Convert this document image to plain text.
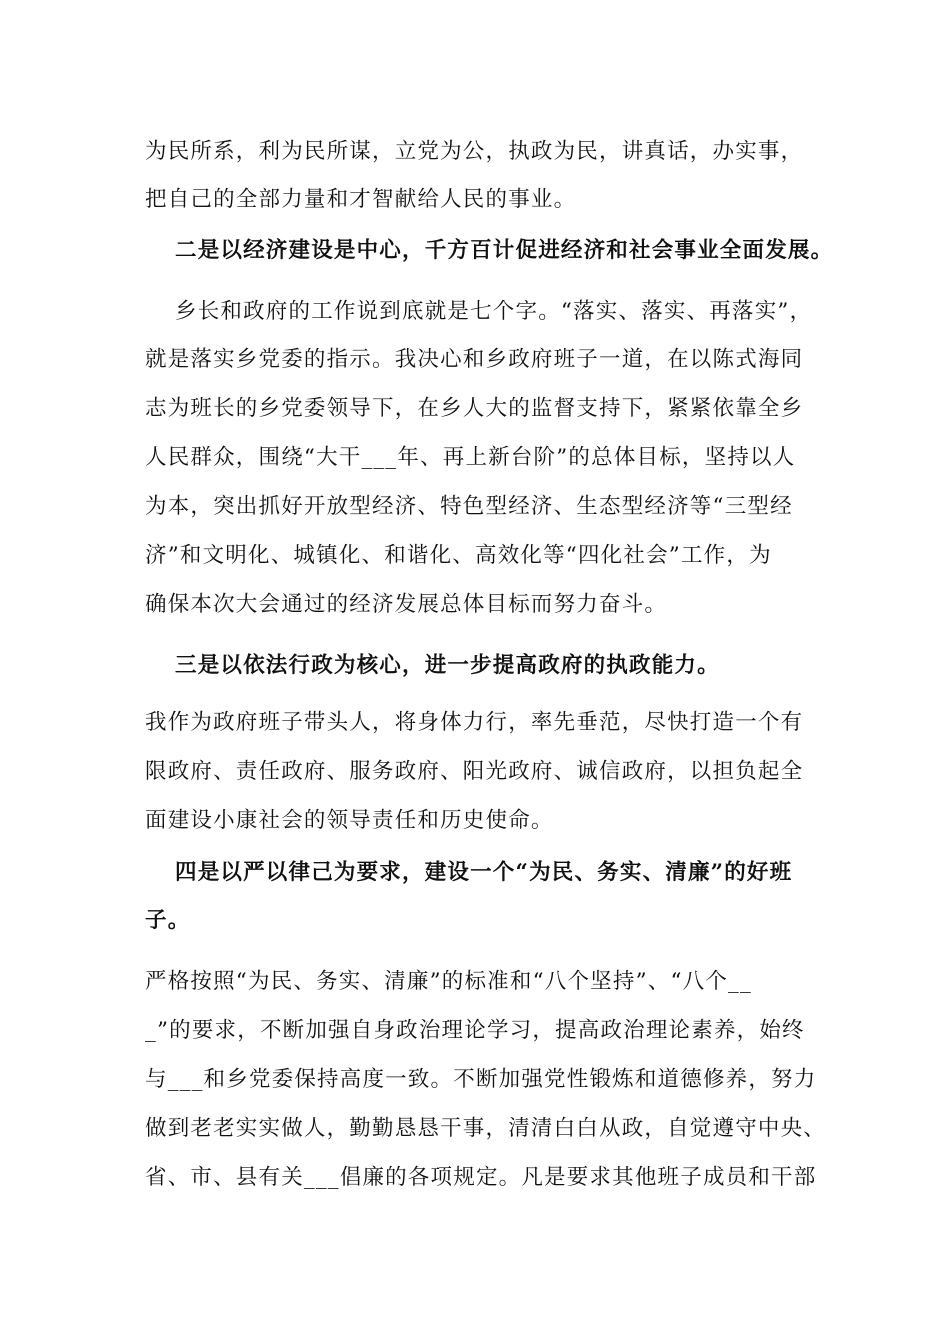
为民所系，利为民所谋，立党为公，执政为民，讲真话，办实事，
把自己的全部力量和才智献给人民的事业。
二是以经济建设是中心，千方百计促进经济和社会事业全面发展。
乡长和政府的工作说到底就是七个字。“落实、落实、再落实”，
就是落实乡党委的指示。我决心和乡政府班子一道，在以陈式海同
志为班长的乡党委领导下，在乡人大的监督支持下，紧紧依靠全乡
人民群众，围绕“大干___年、再上新台阶”的总体目标，坚持以人
为本，突出抓好开放型经济、特色型经济、生态型经济等“三型经
济”和文明化、城镇化、和谐化、高效化等“四化社会”工作，为
确保本次大会通过的经济发展总体目标而努力奋斗。
三是以依法行政为核心，进一步提高政府的执政能力。
我作为政府班子带头人，将身体力行，率先垂范，尽快打造一个有
限政府、责任政府、服务政府、阳光政府、诚信政府，以担负起全
面建设小康社会的领导责任和历史使命。
四是以严以律己为要求，建设一个“为民、务实、清廉”的好班
子。
严格按照“为民、务实、清廉”的标准和“八个坚持”、“八个__
_”的要求，不断加强自身政治理论学习，提高政治理论素养，始终
与___和乡党委保持高度一致。不断加强党性锻炼和道德修养，努力
做到老老实实做人，勤勤恳恳干事，清清白白从政，自觉遵守中央、
省、市、县有关___倡廉的各项规定。凡是要求其他班子成员和干部
